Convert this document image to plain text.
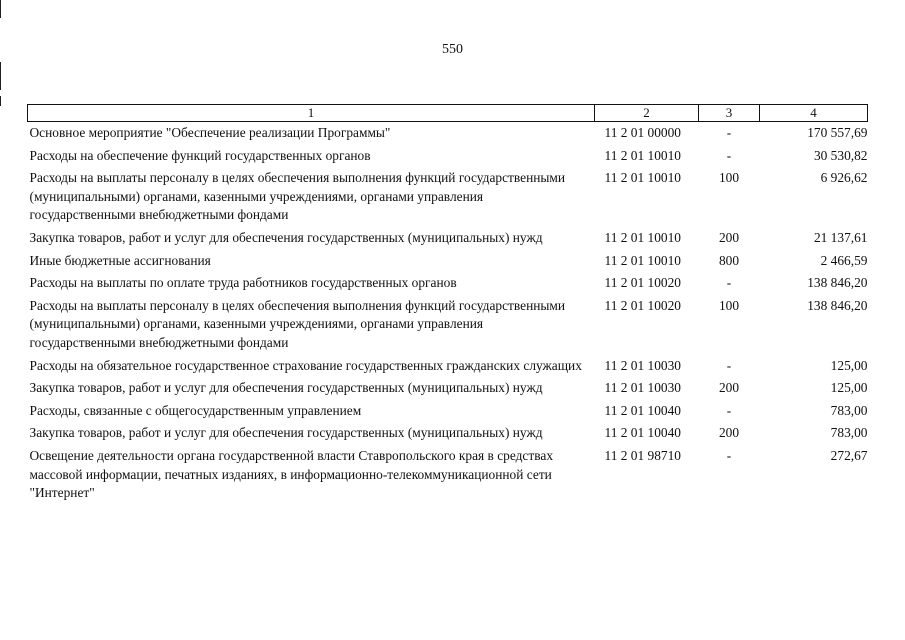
550
1	2	3	4
Основное мероприятие "Обеспечение реализации Программы"	11 2 01 00000	-	170 557,69
Расходы на обеспечение функций государственных органов	11 2 01 10010	-	30 530,82
Расходы на выплаты персоналу в целях обеспечения выполнения функций государственными (муниципальными) органами, казенными учреждениями, органами управления государственными внебюджетными фондами	11 2 01 10010	100	6 926,62
Закупка товаров, работ и услуг для обеспечения государственных (муниципальных) нужд	11 2 01 10010	200	21 137,61
Иные бюджетные ассигнования	11 2 01 10010	800	2 466,59
Расходы на выплаты по оплате труда работников государственных органов	11 2 01 10020	-	138 846,20
Расходы на выплаты персоналу в целях обеспечения выполнения функций государственными (муниципальными) органами, казенными учреждениями, органами управления государственными внебюджетными фондами	11 2 01 10020	100	138 846,20
Расходы на обязательное государственное страхование государственных гражданских служащих	11 2 01 10030	-	125,00
Закупка товаров, работ и услуг для обеспечения государственных (муниципальных) нужд	11 2 01 10030	200	125,00
Расходы, связанные с общегосударственным управлением	11 2 01 10040	-	783,00
Закупка товаров, работ и услуг для обеспечения государственных (муниципальных) нужд	11 2 01 10040	200	783,00
Освещение деятельности органа государственной власти Ставропольского края в средствах массовой информации, печатных изданиях, в информационно-телекоммуникационной сети "Интернет"	11 2 01 98710	-	272,67
